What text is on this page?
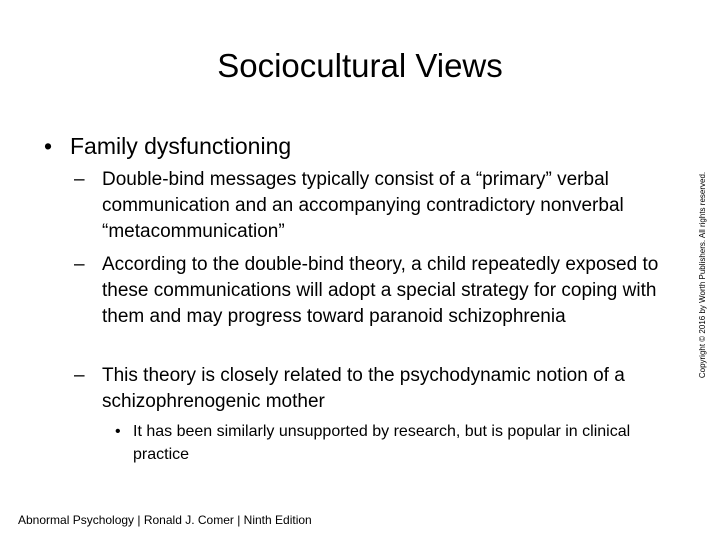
Sociocultural Views
• Family dysfunctioning
– Double-bind messages typically consist of a “primary” verbal communication and an accompanying contradictory nonverbal “metacommunication”
– According to the double-bind theory, a child repeatedly exposed to these communications will adopt a special strategy for coping with them and may progress toward paranoid schizophrenia
– This theory is closely related to the psychodynamic notion of a schizophrenogenic mother
• It has been similarly unsupported by research, but is popular in clinical practice
Abnormal Psychology | Ronald J. Comer | Ninth Edition
Copyright © 2016 by Worth Publishers. All rights reserved.
